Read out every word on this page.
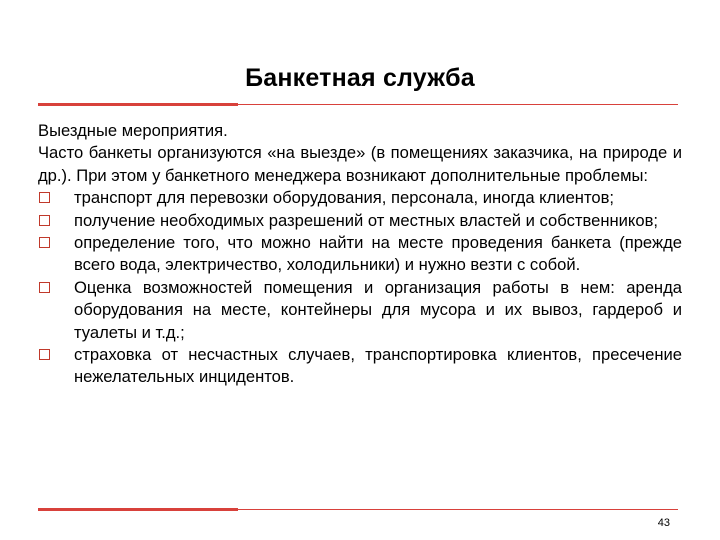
Банкетная служба

Выездные мероприятия.

Часто банкеты организуются «на выезде» (в помещениях заказчика, на природе и др.). При этом у банкетного менеджера возникают дополнительные проблемы:

транспорт для перевозки оборудования, персонала, иногда клиентов;
получение необходимых разрешений от местных властей и собственников;
определение того, что можно найти на месте проведения банкета (прежде всего вода, электричество, холодильники) и нужно везти с собой.
Оценка возможностей помещения и организация работы в нем: аренда оборудования на месте, контейнеры для мусора и их вывоз, гардероб и туалеты и т.д.;
страховка от несчастных случаев, транспортировка клиентов, пресечение нежелательных инцидентов.
43
